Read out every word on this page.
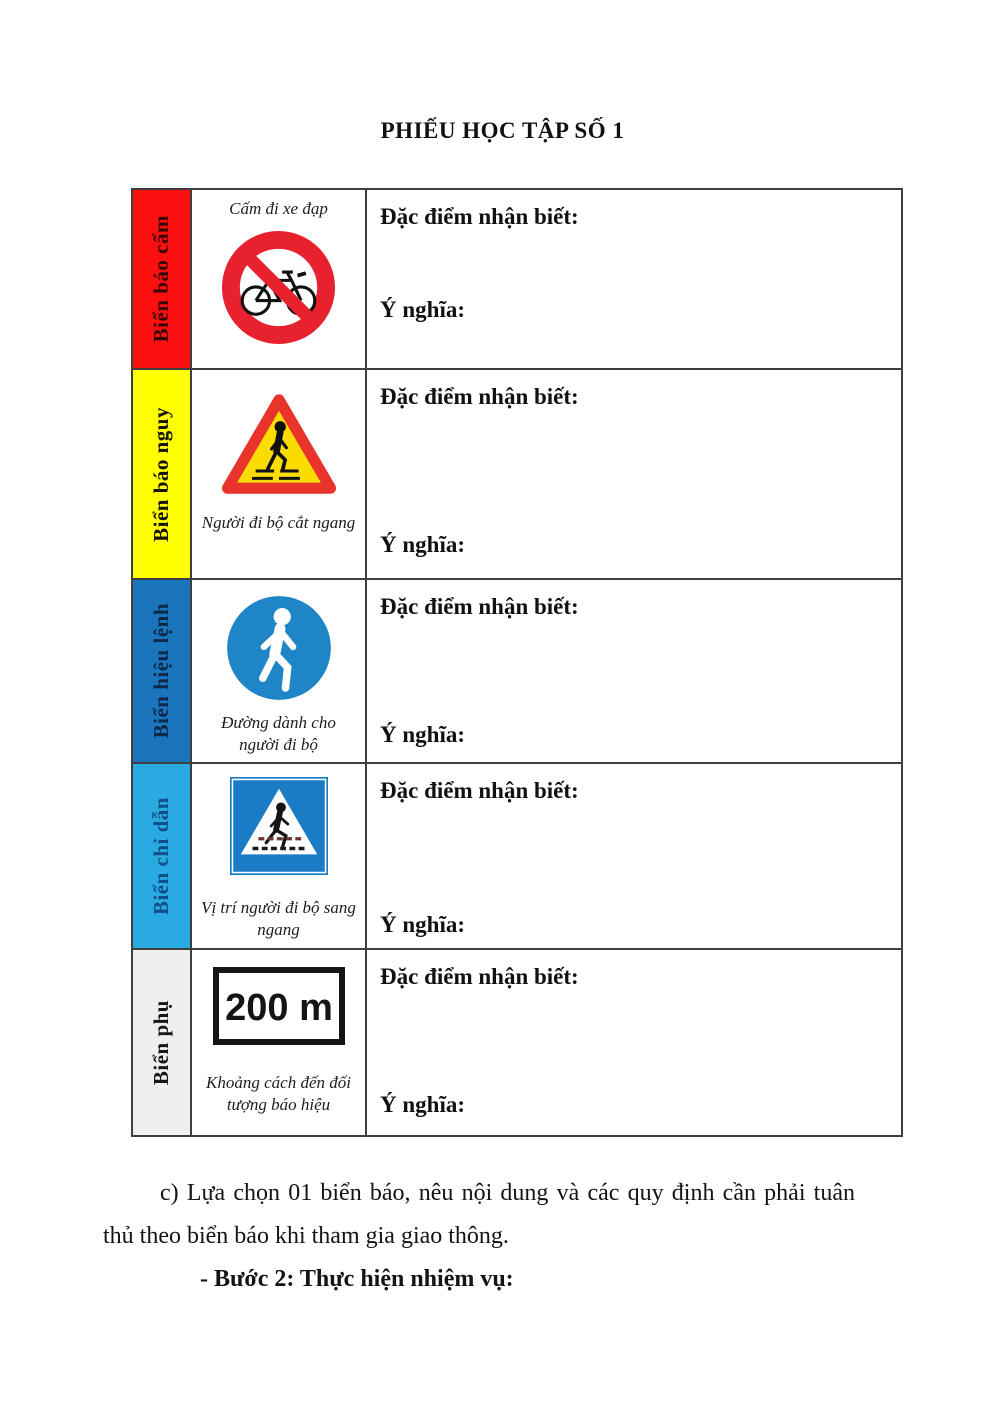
PHIẾU HỌC TẬP SỐ 1
Biển báo cấm
Cấm đi xe đạp Đặc điểm nhận biết:
Ý nghĩa:
Biển báo nguy Người đi bộ cắt ngang
Đặc điểm nhận biết:
Ý nghĩa:
Biển hiệu lệnh	Đường dành cho người đi bộ
Đặc điểm nhận biết:
Ý nghĩa:
Biển chỉ dẫn Vị trí người đi bộ sang ngang
Đặc điểm nhận biết:
Ý nghĩa:
Biển phụ 200 m
Khoảng cách đến đối tượng báo hiệu
Đặc điểm nhận biết:
Ý nghĩa:
c) Lựa chọn 01 biển báo, nêu nội dung và các quy định cần phải tuân thủ theo biển báo khi tham gia giao thông.
- Bước 2: Thực hiện nhiệm vụ:
